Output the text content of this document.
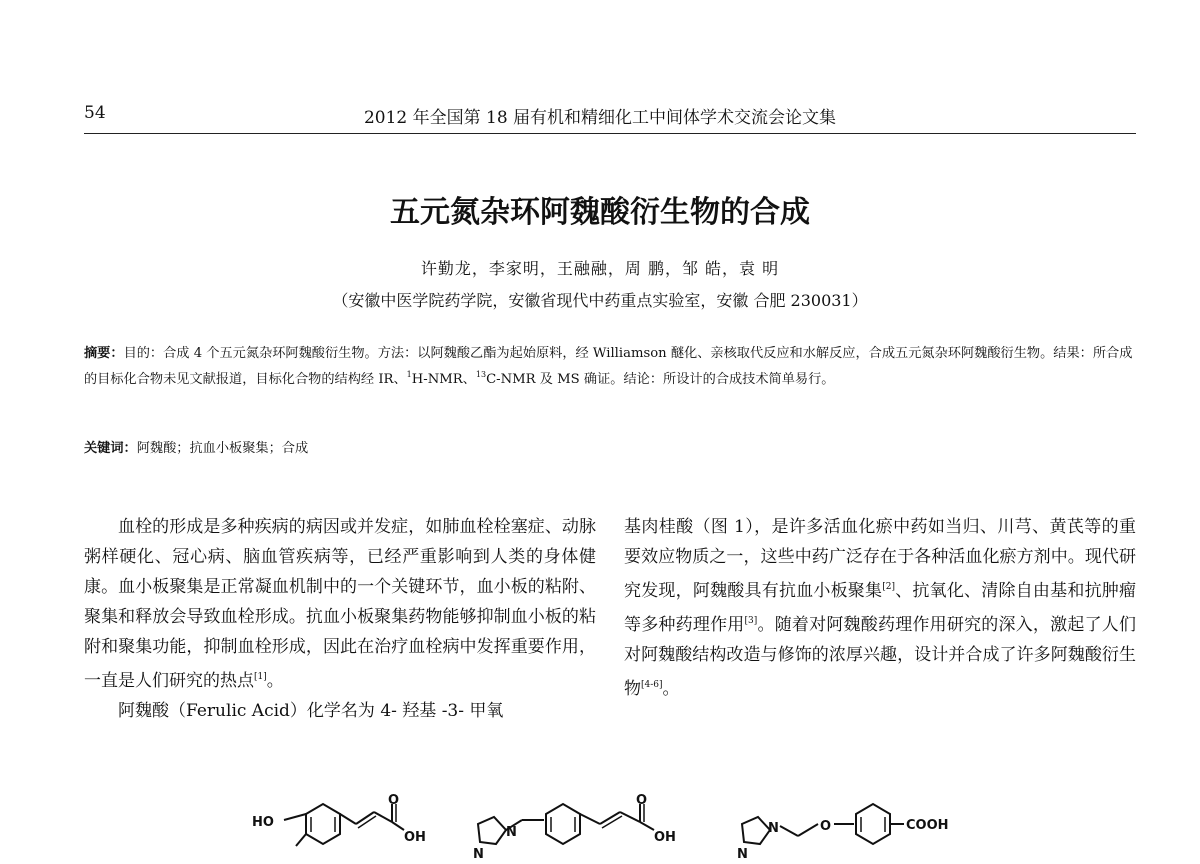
54	2012 年全国第 18 届有机和精细化工中间体学术交流会论文集
五元氮杂环阿魏酸衍生物的合成
许勤龙，李家明，王融融，周 鹏，邹 皓，袁 明
（安徽中医学院药学院，安徽省现代中药重点实验室，安徽 合肥 230031）
摘要：目的：合成 4 个五元氮杂环阿魏酸衍生物。方法：以阿魏酸乙酯为起始原料，经 Williamson 醚化、亲核取代反应和水解反应，合成五元氮杂环阿魏酸衍生物。结果：所合成的目标化合物未见文献报道，目标化合物的结构经 IR、$^1$H-NMR、$^{13}$C-NMR 及 MS 确证。结论：所设计的合成技术简单易行。
关键词：阿魏酸；抗血小板聚集；合成

血栓的形成是多种疾病的病因或并发症，如肺血栓栓塞症、动脉粥样硬化、冠心病、脑血管疾病等，已经严重影响到人类的身体健康。血小板聚集是正常凝血机制中的一个关键环节，血小板的粘附、聚集和释放会导致血栓形成。抗血小板聚集药物能够抑制血小板的粘附和聚集功能，抑制血栓形成，因此在治疗血栓病中发挥重要作用，一直是人们研究的热点[1]。

阿魏酸（Ferulic Acid）化学名为 4- 羟基 -3- 甲氧

基肉桂酸（图 1），是许多活血化瘀中药如当归、川芎、黄芪等的重要效应物质之一，这些中药广泛存在于各种活血化瘀方剂中。现代研究发现，阿魏酸具有抗血小板聚集[2]、抗氧化、清除自由基和抗肿瘤等多种药理作用[3]。随着对阿魏酸药理作用研究的深入，激起了人们对阿魏酸结构改造与修饰的浓厚兴趣，设计并合成了许多阿魏酸衍生物[4-6]。

HO
O
OH	N
N
O
OH
N
N
O	COOH
